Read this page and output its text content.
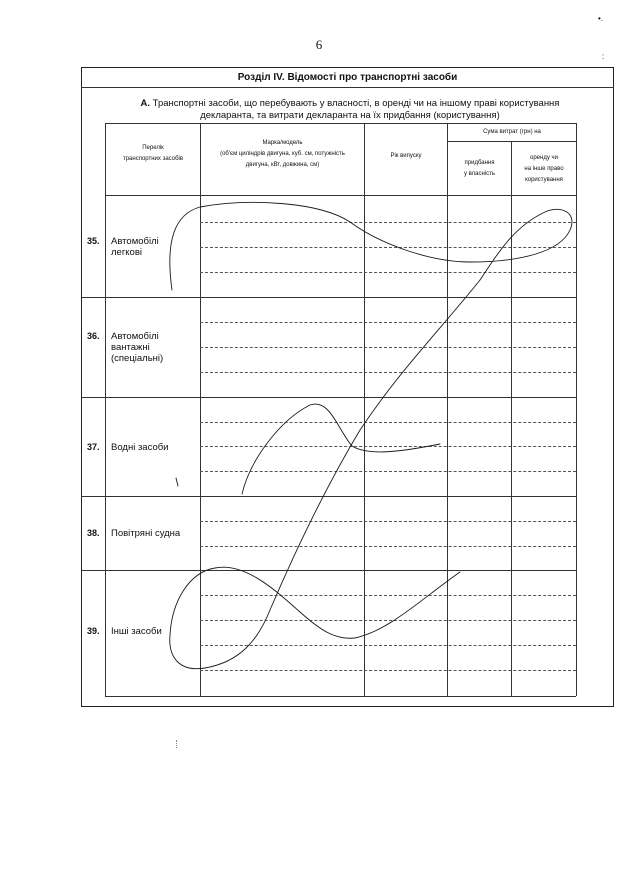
6
•.
:
Розділ IV. Відомості про транспортні засоби
А. Транспортні засоби, що перебувають у власності, в оренді чи на іншому праві користування
декларанта, та витрати декларанта на їх придбання (користування)
Перелік
транспортних засобів
Марка/модель
(об'єм циліндрів двигуна, куб. см, потужність
двигуна, кВт, довжина, см)
Рік випуску
Сума витрат (грн) на
придбання
у власність
оренду чи
на інше право
користування
35. Автомобілі
легкові
36. Автомобілі
вантажні
(спеціальні)
37. Водні засоби
38. Повітряні судна
39. Інші засоби
